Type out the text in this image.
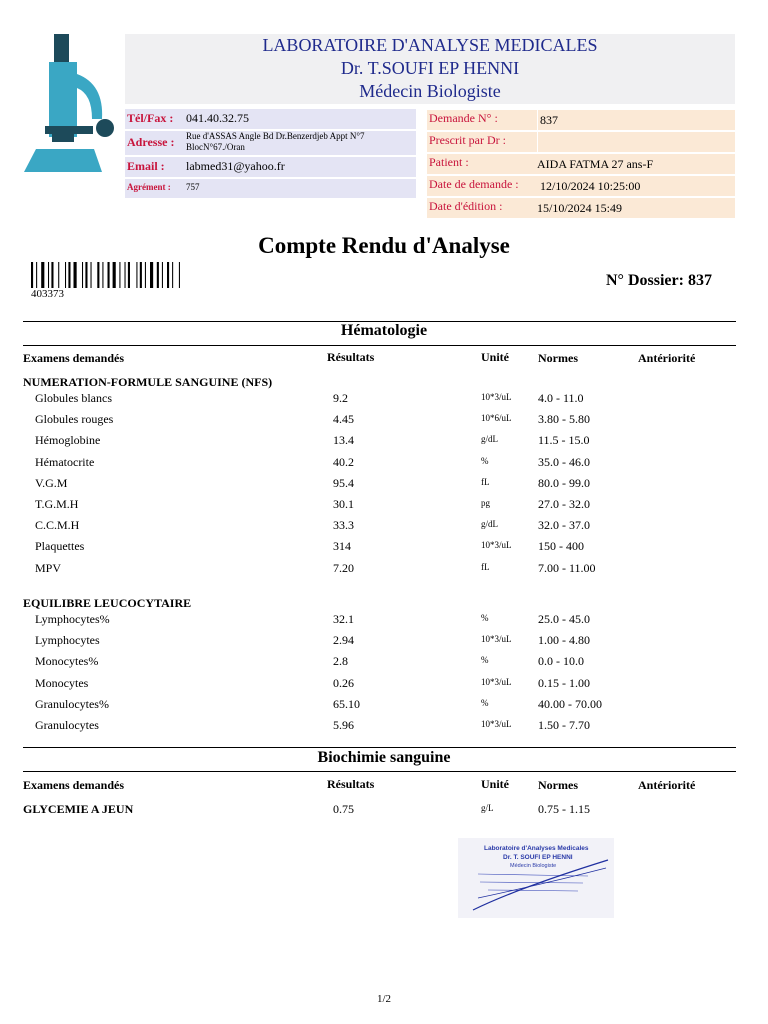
LABORATOIRE D'ANALYSE MEDICALES
Dr. T.SOUFI EP HENNI
Médecin Biologiste
Tél/Fax : 041.40.32.75
Adresse : Rue d'ASSAS Angle Bd Dr.Benzerdjeb Appt N°7
BlocN°67./Oran
Email : labmed31@yahoo.fr
Agrément : 757
Demande N° :	837
Prescrit par Dr :
Patient :	AIDA FATMA 27 ans-F
Date de demande : 12/10/2024 10:25:00
Date d'édition :	15/10/2024 15:49
Compte Rendu d'Analyse
403373
N° Dossier: 837
Hématologie
Examens demandés	Résultats	Unité Normes	Antériorité
NUMERATION-FORMULE SANGUINE (NFS)
Globules blancs	9.2	10*3/uL 4.0 - 11.0
Globules rouges	4.45	10*6/uL 3.80 - 5.80
Hémoglobine	13.4	g/dL	11.5 - 15.0
Hématocrite	40.2	%	35.0 - 46.0
V.G.M	95.4	fL	80.0 - 99.0
T.G.M.H	30.1	pg	27.0 - 32.0
C.C.M.H	33.3	g/dL	32.0 - 37.0
Plaquettes	314	10*3/uL 150 - 400
MPV	7.20	fL	7.00 - 11.00
EQUILIBRE LEUCOCYTAIRE
Lymphocytes%	32.1	%	25.0 - 45.0
Lymphocytes	2.94	10*3/uL 1.00 - 4.80
Monocytes%	2.8	%	0.0 - 10.0
Monocytes	0.26	10*3/uL 0.15 - 1.00
Granulocytes%	65.10	%	40.00 - 70.00
Granulocytes	5.96	10*3/uL 1.50 - 7.70
Biochimie sanguine
Examens demandés	Résultats	Unité Normes	Antériorité
GLYCEMIE A JEUN	0.75	g/L	0.75 - 1.15
Laboratoire d'Analyses Medicales
Dr. T. SOUFI EP HENNI
Médecin Biologiste
1/2
